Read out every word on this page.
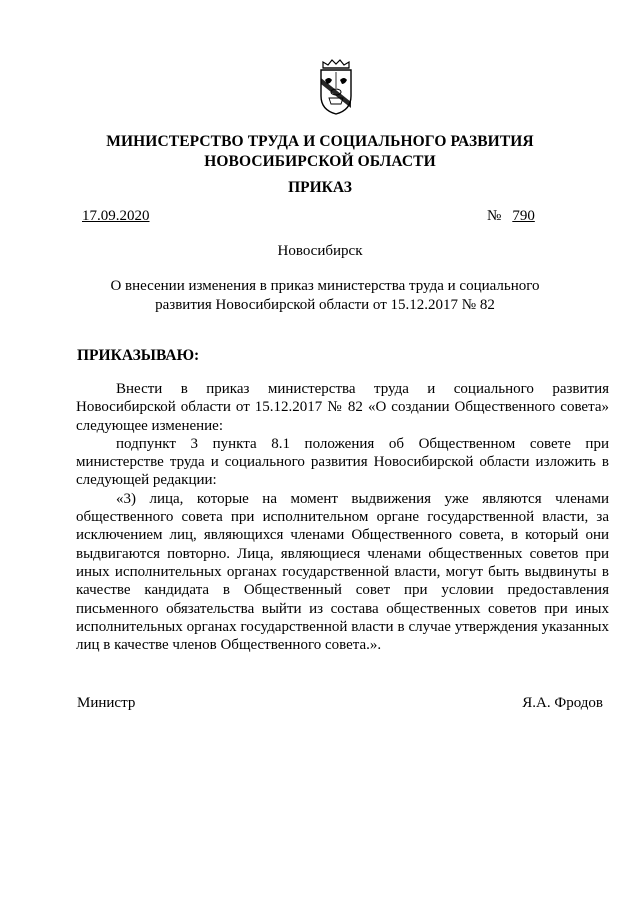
МИНИСТЕРСТВО ТРУДА И СОЦИАЛЬНОГО РАЗВИТИЯ
НОВОСИБИРСКОЙ ОБЛАСТИ
ПРИКАЗ
17.09.2020	№ 790
Новосибирск
О внесении изменения в приказ министерства труда и социального развития Новосибирской области от 15.12.2017 № 82
ПРИКАЗЫВАЮ:

Внести в приказ министерства труда и социального развития Новосибирской области от 15.12.2017 № 82 «О создании Общественного совета» следующее изменение:

подпункт 3 пункта 8.1 положения об Общественном совете при министерстве труда и социального развития Новосибирской области изложить в следующей редакции:

«3) лица, которые на момент выдвижения уже являются членами общественного совета при исполнительном органе государственной власти, за исключением лиц, являющихся членами Общественного совета, в который они выдвигаются повторно. Лица, являющиеся членами общественных советов при иных исполнительных органах государственной власти, могут быть выдвинуты в качестве кандидата в Общественный совет при условии предоставления письменного обязательства выйти из состава общественных советов при иных исполнительных органах государственной власти в случае утверждения указанных лиц в качестве членов Общественного совета.».

Министр	Я.А. Фродов
